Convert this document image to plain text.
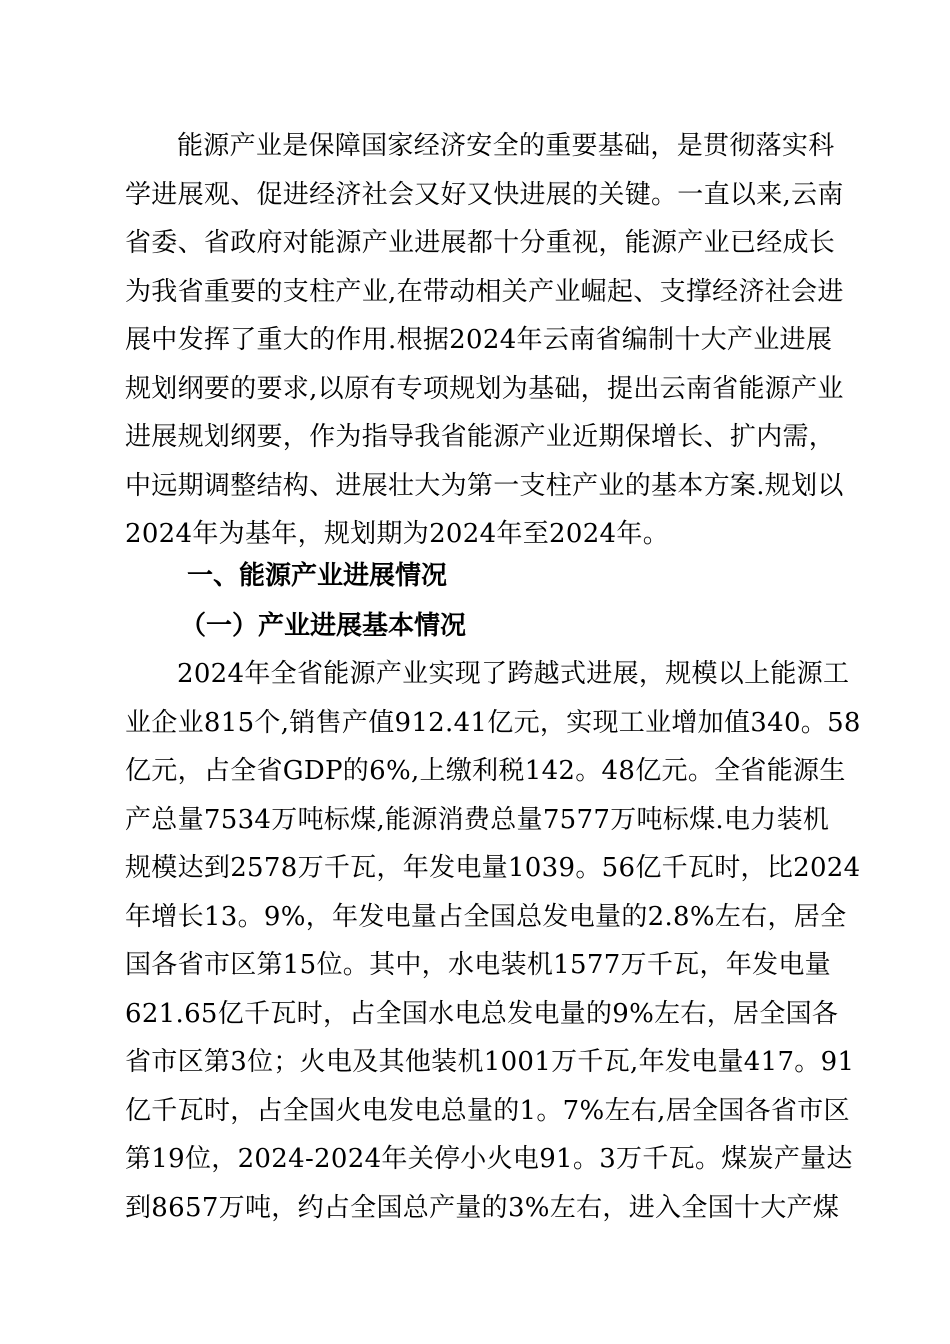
能源产业是保障国家经济安全的重要基础，是贯彻落实科
学进展观、促进经济社会又好又快进展的关键。一直以来,云南
省委、省政府对能源产业进展都十分重视，能源产业已经成长
为我省重要的支柱产业,在带动相关产业崛起、支撑经济社会进
展中发挥了重大的作用.根据2024年云南省编制十大产业进展
规划纲要的要求,以原有专项规划为基础，提出云南省能源产业
进展规划纲要，作为指导我省能源产业近期保增长、扩内需，
中远期调整结构、进展壮大为第一支柱产业的基本方案.规划以
2024年为基年，规划期为2024年至2024年。
一、能源产业进展情况
（一）产业进展基本情况
2024年全省能源产业实现了跨越式进展，规模以上能源工
业企业815个,销售产值912.41亿元，实现工业增加值340。58
亿元，占全省GDP的6%,上缴利税142。48亿元。全省能源生
产总量7534万吨标煤,能源消费总量7577万吨标煤.电力装机
规模达到2578万千瓦，年发电量1039。56亿千瓦时，比2024
年增长13。9%，年发电量占全国总发电量的2.8%左右，居全
国各省市区第15位。其中，水电装机1577万千瓦，年发电量
621.65亿千瓦时，占全国水电总发电量的9%左右，居全国各
省市区第3位；火电及其他装机1001万千瓦,年发电量417。91
亿千瓦时，占全国火电发电总量的1。7%左右,居全国各省市区
第19位，2024-2024年关停小火电91。3万千瓦。煤炭产量达
到8657万吨，约占全国总产量的3%左右，进入全国十大产煤
